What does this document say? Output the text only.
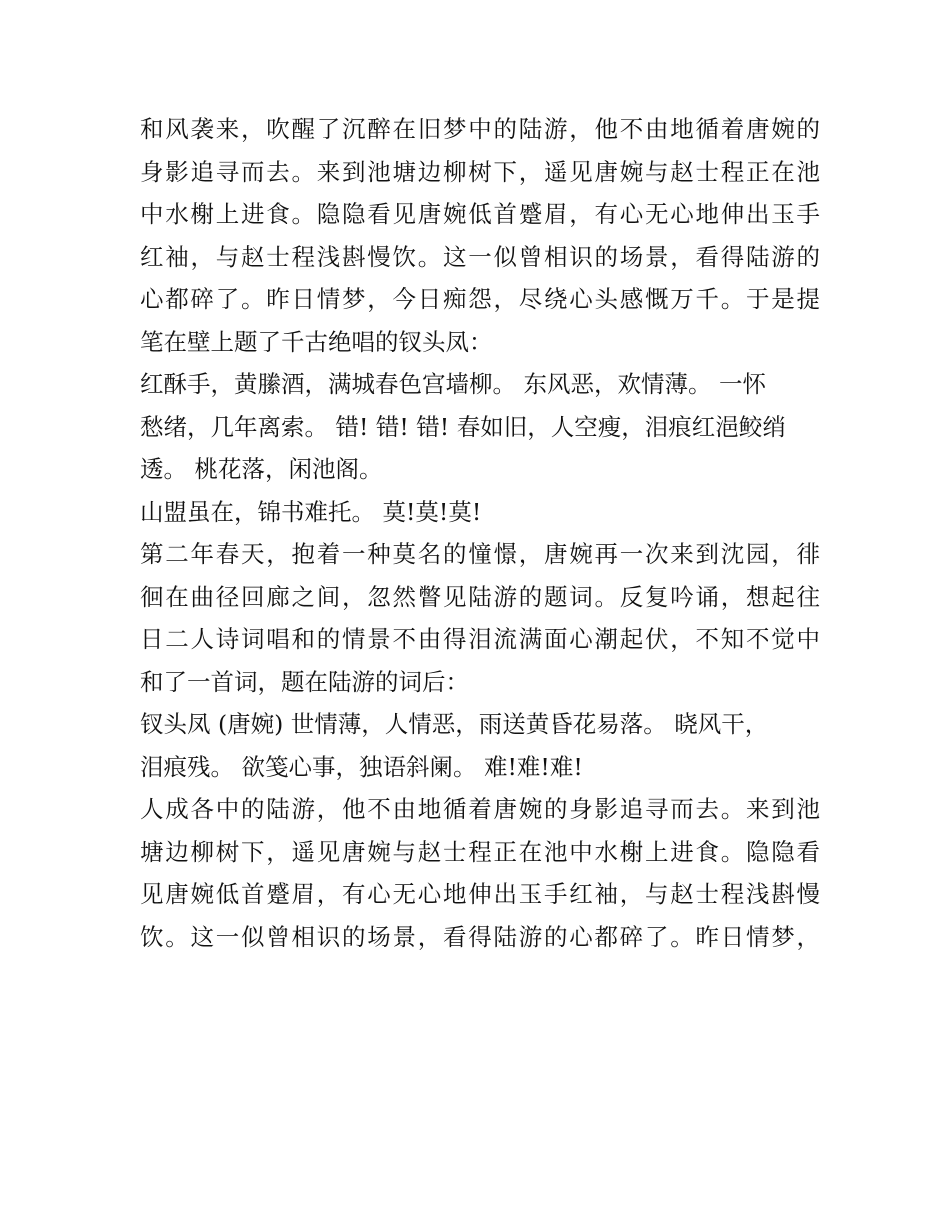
和风袭来，吹醒了沉醉在旧梦中的陆游，他不由地循着唐婉的
身影追寻而去。来到池塘边柳树下，遥见唐婉与赵士程正在池
中水榭上进食。隐隐看见唐婉低首蹙眉，有心无心地伸出玉手
红袖，与赵士程浅斟慢饮。这一似曾相识的场景，看得陆游的
心都碎了。昨日情梦，今日痴怨，尽绕心头感慨万千。于是提
笔在壁上题了千古绝唱的钗头凤：
红酥手，黄縢酒，满城春色宫墙柳。 东风恶，欢情薄。 一怀
愁绪，几年离索。 错! 错! 错! 春如旧，人空瘦，泪痕红浥鲛绡
透。 桃花落，闲池阁。
山盟虽在，锦书难托。 莫!莫!莫!
第二年春天，抱着一种莫名的憧憬，唐婉再一次来到沈园，徘
徊在曲径回廊之间，忽然瞥见陆游的题词。反复吟诵，想起往
日二人诗词唱和的情景不由得泪流满面心潮起伏，不知不觉中
和了一首词，题在陆游的词后：
钗头凤 (唐婉) 世情薄，人情恶，雨送黄昏花易落。 晓风干，
泪痕残。 欲笺心事，独语斜阑。 难!难!难!
人成各中的陆游，他不由地循着唐婉的身影追寻而去。来到池
塘边柳树下，遥见唐婉与赵士程正在池中水榭上进食。隐隐看
见唐婉低首蹙眉，有心无心地伸出玉手红袖，与赵士程浅斟慢
饮。这一似曾相识的场景，看得陆游的心都碎了。昨日情梦，
